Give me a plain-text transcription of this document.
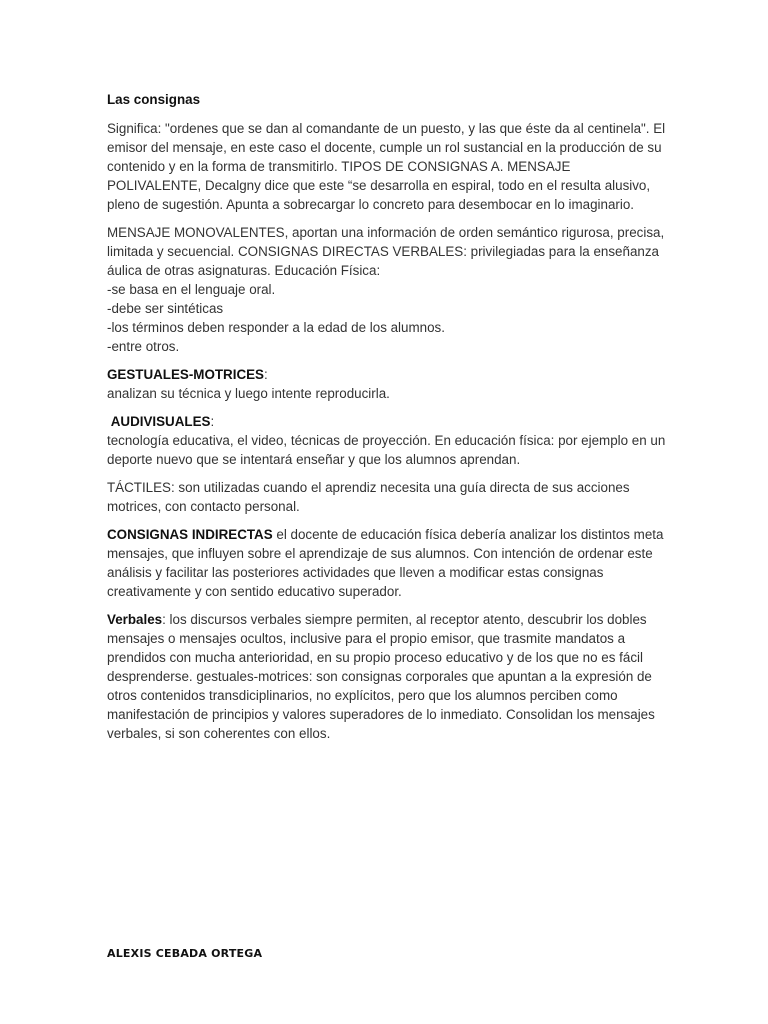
Las consignas
Significa: "ordenes que se dan al comandante de un puesto, y las que éste da al centinela". El emisor del mensaje, en este caso el docente, cumple un rol sustancial en la producción de su contenido y en la forma de transmitirlo. TIPOS DE CONSIGNAS A. MENSAJE POLIVALENTE, Decalgny dice que este “se desarrolla en espiral, todo en el resulta alusivo, pleno de sugestión. Apunta a sobrecargar lo concreto para desembocar en lo imaginario.
MENSAJE MONOVALENTES, aportan una información de orden semántico rigurosa, precisa, limitada y secuencial. CONSIGNAS DIRECTAS VERBALES: privilegiadas para la enseñanza áulica de otras asignaturas. Educación Física:
-se basa en el lenguaje oral.
-debe ser sintéticas
-los términos deben responder a la edad de los alumnos.
-entre otros.
GESTUALES-MOTRICES:
analizan su técnica y luego intente reproducirla.
AUDIVISUALES:
tecnología educativa, el video, técnicas de proyección. En educación física: por ejemplo en un deporte nuevo que se intentará enseñar y que los alumnos aprendan.
TÁCTILES: son utilizadas cuando el aprendiz necesita una guía directa de sus acciones motrices, con contacto personal.
CONSIGNAS INDIRECTAS el docente de educación física debería analizar los distintos meta mensajes, que influyen sobre el aprendizaje de sus alumnos. Con intención de ordenar este análisis y facilitar las posteriores actividades que lleven a modificar estas consignas creativamente y con sentido educativo superador.
Verbales: los discursos verbales siempre permiten, al receptor atento, descubrir los dobles mensajes o mensajes ocultos, inclusive para el propio emisor, que trasmite mandatos a prendidos con mucha anterioridad, en su propio proceso educativo y de los que no es fácil desprenderse. gestuales-motrices: son consignas corporales que apuntan a la expresión de otros contenidos transdiciplinarios, no explícitos, pero que los alumnos perciben como manifestación de principios y valores superadores de lo inmediato. Consolidan los mensajes verbales, si son coherentes con ellos.
ALEXIS CEBADA ORTEGA
